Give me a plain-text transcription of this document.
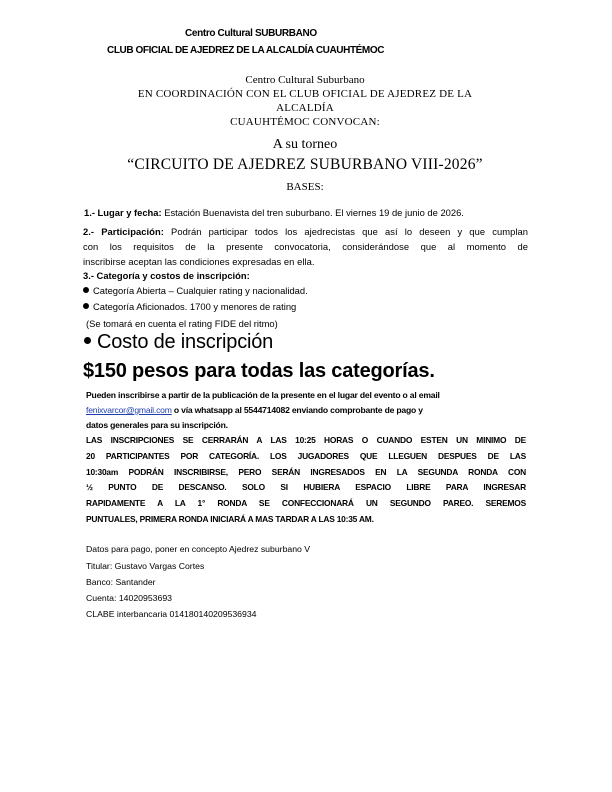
Centro Cultural SUBURBANO
CLUB OFICIAL DE AJEDREZ DE LA ALCALDÍA CUAUHTÉMOC
Centro Cultural Suburbano
EN COORDINACIÓN CON EL CLUB OFICIAL DE AJEDREZ DE LA
ALCALDÍA
CUAUHTÉMOC CONVOCAN:
A su torneo
“CIRCUITO DE AJEDREZ SUBURBANO VIII-2026”
BASES:
1.- Lugar y fecha: Estación Buenavista del tren suburbano. El viernes 19 de junio de 2026.
2.- Participación: Podrán participar todos los ajedrecistas que así lo deseen y que cumplan
con los requisitos de la presente convocatoria, considerándose que al momento de
inscribirse aceptan las condiciones expresadas en ella.
3.- Categoría y costos de inscripción:
Categoría Abierta – Cualquier rating y nacionalidad.
Categoría Aficionados. 1700 y menores de rating
(Se tomará en cuenta el rating FIDE del ritmo)
Costo de inscripción
$150 pesos para todas las categorías.
Pueden inscribirse a partir de la publicación de la presente en el lugar del evento o al email
fenixvarcor@gmail.com o vía whatsapp al 5544714082 enviando comprobante de pago y
datos generales para su inscripción.
LAS INSCRIPCIONES SE CERRARÁN A LAS 10:25 HORAS O CUANDO ESTEN UN MINIMO DE
20 PARTICIPANTES POR CATEGORÍA. LOS JUGADORES QUE LLEGUEN DESPUES DE LAS
10:30am PODRÁN INSCRIBIRSE, PERO SERÁN INGRESADOS EN LA SEGUNDA RONDA CON
½ PUNTO DE DESCANSO. SOLO SI HUBIERA ESPACIO LIBRE PARA INGRESAR
RAPIDAMENTE A LA 1° RONDA SE CONFECCIONARÁ UN SEGUNDO PAREO. SEREMOS
PUNTUALES, PRIMERA RONDA INICIARÁ A MAS TARDAR A LAS 10:35 AM.
Datos para pago, poner en concepto Ajedrez suburbano V
Titular: Gustavo Vargas Cortes
Banco: Santander
Cuenta: 14020953693
CLABE interbancaria 014180140209536934
